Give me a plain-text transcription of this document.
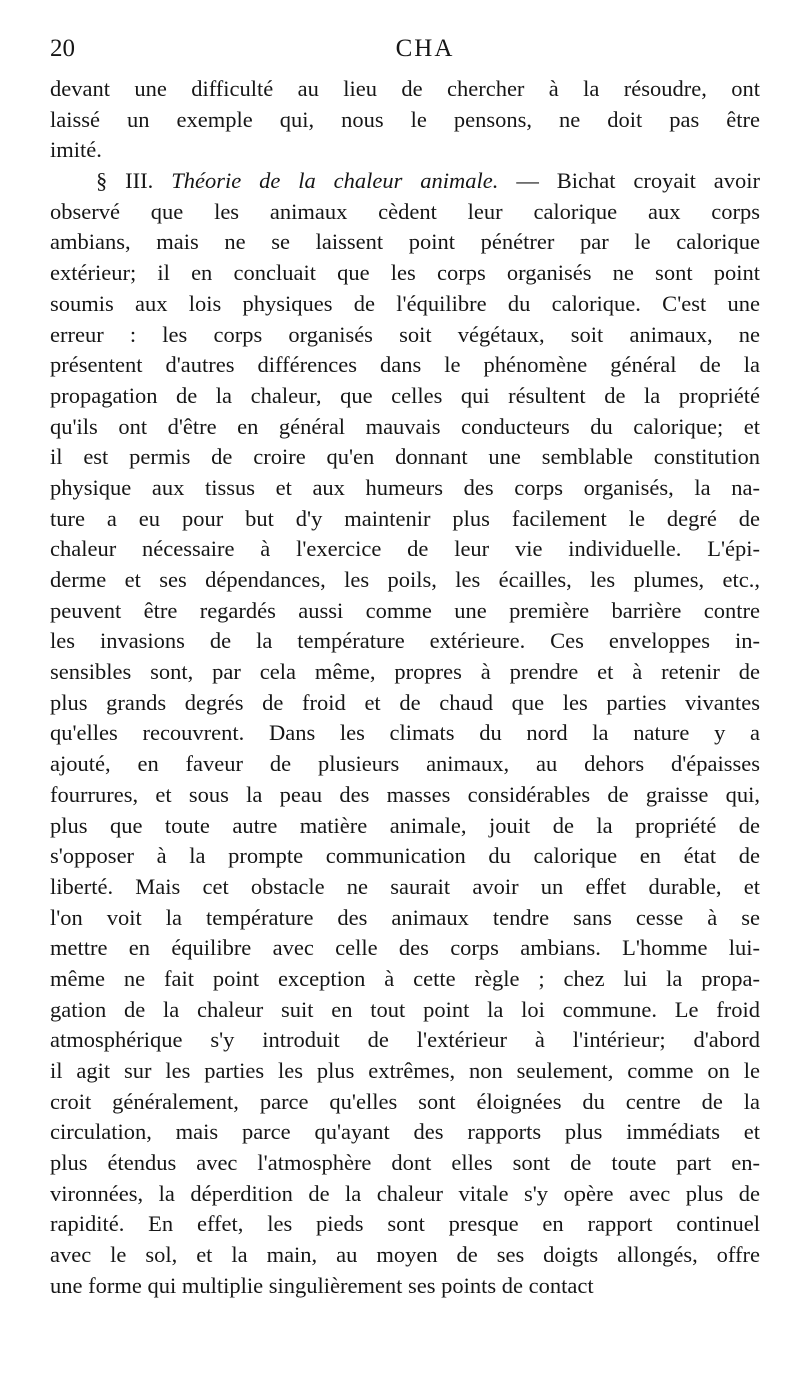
20	CHA
devant une difficulté au lieu de chercher à la résoudre, ont
laissé un exemple qui, nous le pensons, ne doit pas être
imité.
§ III. Théorie de la chaleur animale. — Bichat croyait avoir
observé que les animaux cèdent leur calorique aux corps
ambians, mais ne se laissent point pénétrer par le calorique
extérieur; il en concluait que les corps organisés ne sont point
soumis aux lois physiques de l'équilibre du calorique. C'est une
erreur : les corps organisés soit végétaux, soit animaux, ne
présentent d'autres différences dans le phénomène général de la
propagation de la chaleur, que celles qui résultent de la propriété
qu'ils ont d'être en général mauvais conducteurs du calorique; et
il est permis de croire qu'en donnant une semblable constitution
physique aux tissus et aux humeurs des corps organisés, la na-
ture a eu pour but d'y maintenir plus facilement le degré de
chaleur nécessaire à l'exercice de leur vie individuelle. L'épi-
derme et ses dépendances, les poils, les écailles, les plumes, etc.,
peuvent être regardés aussi comme une première barrière contre
les invasions de la température extérieure. Ces enveloppes in-
sensibles sont, par cela même, propres à prendre et à retenir de
plus grands degrés de froid et de chaud que les parties vivantes
qu'elles recouvrent. Dans les climats du nord la nature y a
ajouté, en faveur de plusieurs animaux, au dehors d'épaisses
fourrures, et sous la peau des masses considérables de graisse qui,
plus que toute autre matière animale, jouit de la propriété de
s'opposer à la prompte communication du calorique en état de
liberté. Mais cet obstacle ne saurait avoir un effet durable, et
l'on voit la température des animaux tendre sans cesse à se
mettre en équilibre avec celle des corps ambians. L'homme lui-
même ne fait point exception à cette règle ; chez lui la propa-
gation de la chaleur suit en tout point la loi commune. Le froid
atmosphérique s'y introduit de l'extérieur à l'intérieur; d'abord
il agit sur les parties les plus extrêmes, non seulement, comme on le
croit généralement, parce qu'elles sont éloignées du centre de la
circulation, mais parce qu'ayant des rapports plus immédiats et
plus étendus avec l'atmosphère dont elles sont de toute part en-
vironnées, la déperdition de la chaleur vitale s'y opère avec plus de
rapidité. En effet, les pieds sont presque en rapport continuel
avec le sol, et la main, au moyen de ses doigts allongés, offre
une forme qui multiplie singulièrement ses points de contact
